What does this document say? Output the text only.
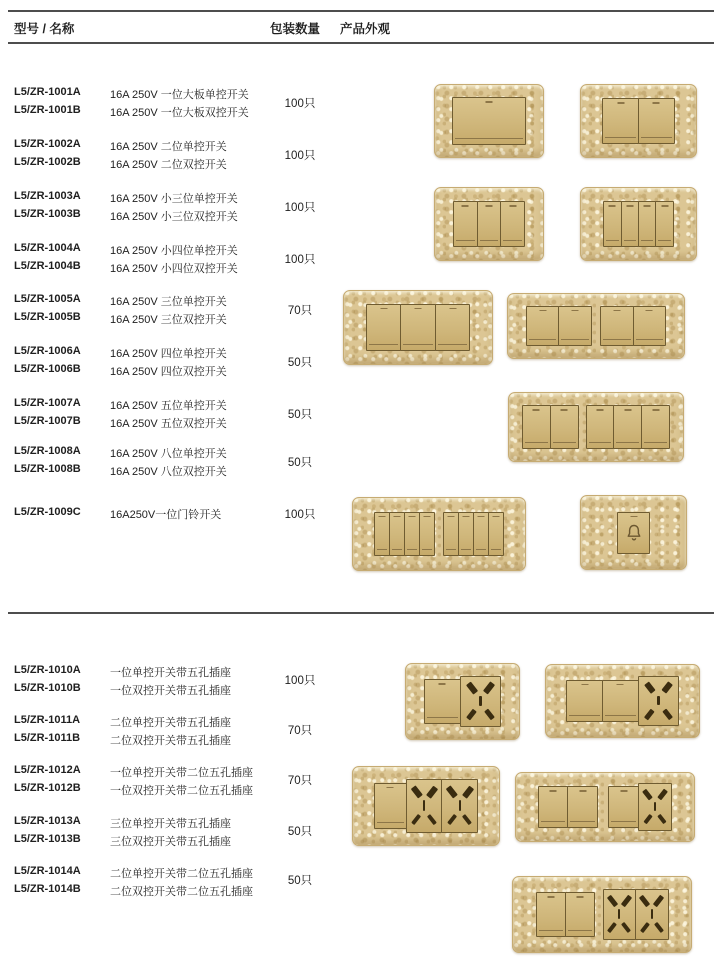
型号 / 名称	包装数量 产品外观
L5/ZR-1001A	16A 250V 一位大板单控开关
L5/ZR-1001B	16A 250V 一位大板双控开关
100只
L5/ZR-1002A	16A 250V 二位单控开关
L5/ZR-1002B	16A 250V 二位双控开关
100只
L5/ZR-1003A	16A 250V 小三位单控开关
L5/ZR-1003B	16A 250V 小三位双控开关
100只
L5/ZR-1004A	16A 250V 小四位单控开关
L5/ZR-1004B	16A 250V 小四位双控开关
100只
L5/ZR-1005A	16A 250V 三位单控开关
L5/ZR-1005B	16A 250V 三位双控开关
70只
L5/ZR-1006A	16A 250V 四位单控开关
L5/ZR-1006B	16A 250V 四位双控开关
50只
L5/ZR-1007A	16A 250V 五位单控开关
L5/ZR-1007B	16A 250V 五位双控开关
50只
L5/ZR-1008A	16A 250V 八位单控开关
L5/ZR-1008B	16A 250V 八位双控开关
50只
L5/ZR-1009C	16A250V一位门铃开关	100只
L5/ZR-1010A	一位单控开关带五孔插座
L5/ZR-1010B	一位双控开关带五孔插座
100只
L5/ZR-1011A	二位单控开关带五孔插座
L5/ZR-1011B	二位双控开关带五孔插座
70只
L5/ZR-1012A	一位单控开关带二位五孔插座
L5/ZR-1012B	一位双控开关带二位五孔插座
70只
L5/ZR-1013A	三位单控开关带五孔插座
L5/ZR-1013B	三位双控开关带五孔插座
50只
L5/ZR-1014A	二位单控开关带二位五孔插座
L5/ZR-1014B	二位双控开关带二位五孔插座
50只
